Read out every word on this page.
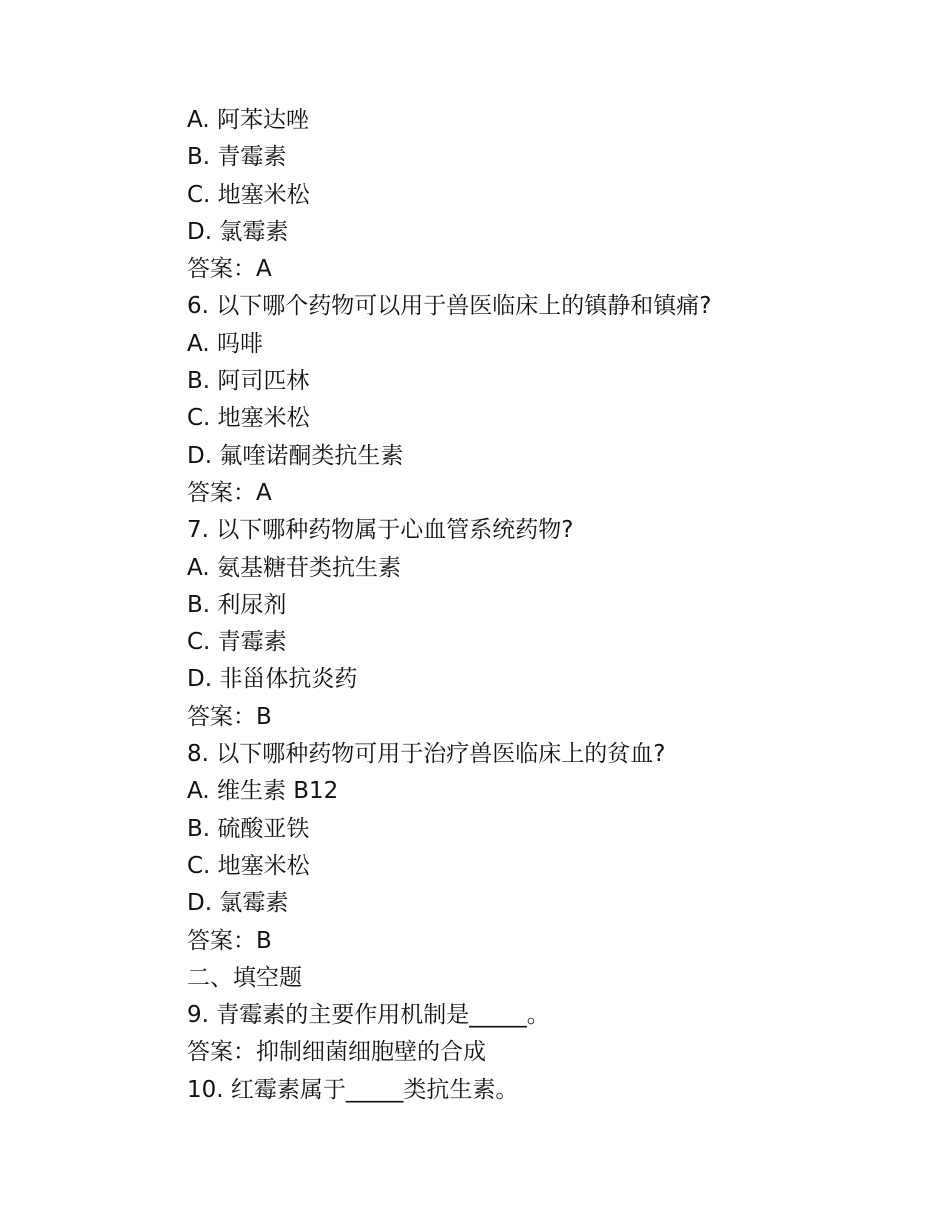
A. 阿苯达唑
B. 青霉素
C. 地塞米松
D. 氯霉素
答案：A
6. 以下哪个药物可以用于兽医临床上的镇静和镇痛?
A. 吗啡
B. 阿司匹林
C. 地塞米松
D. 氟喹诺酮类抗生素
答案：A
7. 以下哪种药物属于心血管系统药物?
A. 氨基糖苷类抗生素
B. 利尿剂
C. 青霉素
D. 非甾体抗炎药
答案：B
8. 以下哪种药物可用于治疗兽医临床上的贫血?
A. 维生素 B12
B. 硫酸亚铁
C. 地塞米松
D. 氯霉素
答案：B
二、填空题
9. 青霉素的主要作用机制是_____。
答案：抑制细菌细胞壁的合成
10. 红霉素属于_____类抗生素。
